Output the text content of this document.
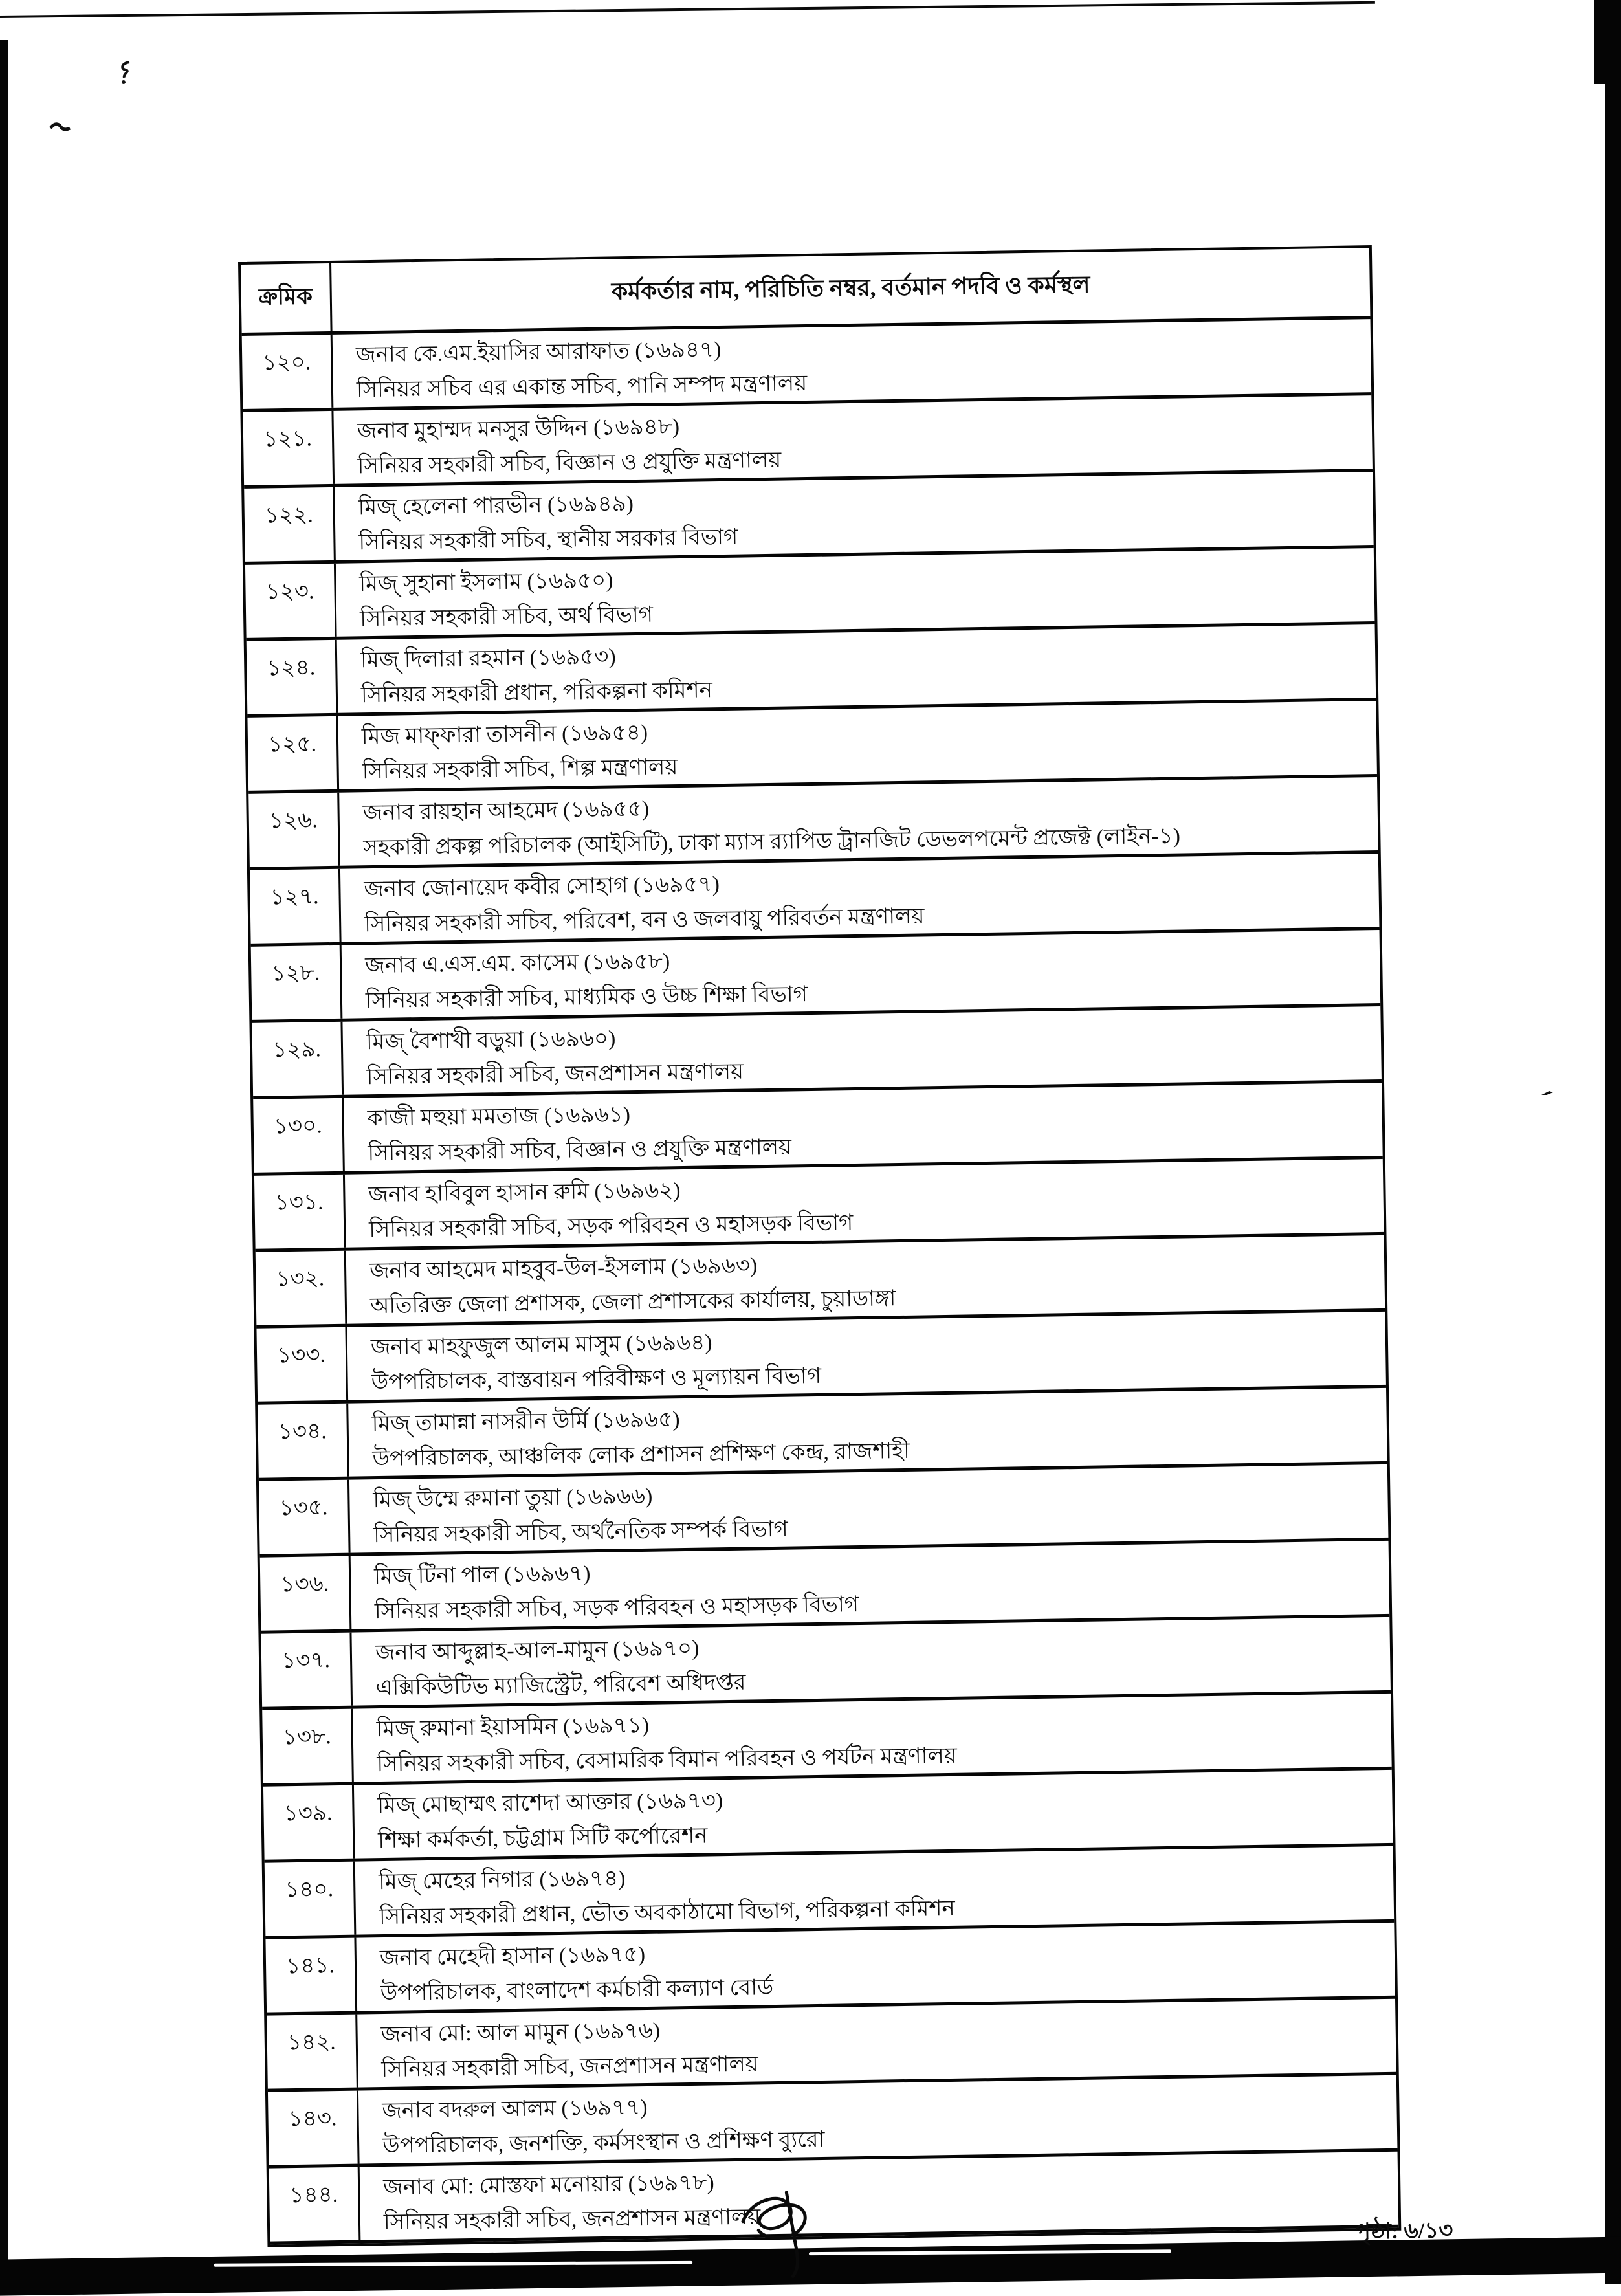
ক্রমিক	কর্মকর্তার নাম, পরিচিতি নম্বর, বর্তমান পদবি ও কর্মস্থল
১২০.	জনাব কে.এম.ইয়াসির আরাফাত (১৬৯৪৭)
সিনিয়র সচিব এর একান্ত সচিব, পানি সম্পদ মন্ত্রণালয়
১২১.	জনাব মুহাম্মদ মনসুর উদ্দিন (১৬৯৪৮)
সিনিয়র সহকারী সচিব, বিজ্ঞান ও প্রযুক্তি মন্ত্রণালয়
১২২.	মিজ্ হেলেনা পারভীন (১৬৯৪৯)
সিনিয়র সহকারী সচিব, স্থানীয় সরকার বিভাগ
১২৩.	মিজ্ সুহানা ইসলাম (১৬৯৫০)
সিনিয়র সহকারী সচিব, অর্থ বিভাগ
১২৪.	মিজ্ দিলারা রহমান (১৬৯৫৩)
সিনিয়র সহকারী প্রধান, পরিকল্পনা কমিশন
১২৫.	মিজ মাফ্‌ফারা তাসনীন (১৬৯৫৪)
সিনিয়র সহকারী সচিব, শিল্প মন্ত্রণালয়
১২৬.	জনাব রায়হান আহমেদ (১৬৯৫৫)
সহকারী প্রকল্প পরিচালক (আইসিটি), ঢাকা ম্যাস র‍্যাপিড ট্রানজিট ডেভলপমেন্ট প্রজেক্ট (লাইন-১)
১২৭.	জনাব জোনায়েদ কবীর সোহাগ (১৬৯৫৭)
সিনিয়র সহকারী সচিব, পরিবেশ, বন ও জলবায়ু পরিবর্তন মন্ত্রণালয়
১২৮.	জনাব এ.এস.এম. কাসেম (১৬৯৫৮)
সিনিয়র সহকারী সচিব, মাধ্যমিক ও উচ্চ শিক্ষা বিভাগ
১২৯.	মিজ্ বৈশাখী বড়ুয়া (১৬৯৬০)
সিনিয়র সহকারী সচিব, জনপ্রশাসন মন্ত্রণালয়
১৩০.	কাজী মহুয়া মমতাজ (১৬৯৬১)
সিনিয়র সহকারী সচিব, বিজ্ঞান ও প্রযুক্তি মন্ত্রণালয়
১৩১.	জনাব হাবিবুল হাসান রুমি (১৬৯৬২)
সিনিয়র সহকারী সচিব, সড়ক পরিবহন ও মহাসড়ক বিভাগ
১৩২.	জনাব আহমেদ মাহবুব-উল-ইসলাম (১৬৯৬৩)
অতিরিক্ত জেলা প্রশাসক, জেলা প্রশাসকের কার্যালয়, চুয়াডাঙ্গা
১৩৩.	জনাব মাহফুজুল আলম মাসুম (১৬৯৬৪)
উপপরিচালক, বাস্তবায়ন পরিবীক্ষণ ও মূল্যায়ন বিভাগ
১৩৪.	মিজ্ তামান্না নাসরীন উর্মি (১৬৯৬৫)
উপপরিচালক, আঞ্চলিক লোক প্রশাসন প্রশিক্ষণ কেন্দ্র, রাজশাহী
১৩৫.	মিজ্ উম্মে রুমানা তুয়া (১৬৯৬৬)
সিনিয়র সহকারী সচিব, অর্থনৈতিক সম্পর্ক বিভাগ
১৩৬.	মিজ্ টিনা পাল (১৬৯৬৭)
সিনিয়র সহকারী সচিব, সড়ক পরিবহন ও মহাসড়ক বিভাগ
১৩৭.	জনাব আব্দুল্লাহ-আল-মামুন (১৬৯৭০)
এক্সিকিউটিভ ম্যাজিস্ট্রেট, পরিবেশ অধিদপ্তর
১৩৮.	মিজ্ রুমানা ইয়াসমিন (১৬৯৭১)
সিনিয়র সহকারী সচিব, বেসামরিক বিমান পরিবহন ও পর্যটন মন্ত্রণালয়
১৩৯.	মিজ্ মোছাম্মৎ রাশেদা আক্তার (১৬৯৭৩)
শিক্ষা কর্মকর্তা, চট্টগ্রাম সিটি কর্পোরেশন
১৪০.	মিজ্ মেহের নিগার (১৬৯৭৪)
সিনিয়র সহকারী প্রধান, ভৌত অবকাঠামো বিভাগ, পরিকল্পনা কমিশন
১৪১.	জনাব মেহেদী হাসান (১৬৯৭৫)
উপপরিচালক, বাংলাদেশ কর্মচারী কল্যাণ বোর্ড
১৪২.	জনাব মো: আল মামুন (১৬৯৭৬)
সিনিয়র সহকারী সচিব, জনপ্রশাসন মন্ত্রণালয়
১৪৩.	জনাব বদরুল আলম (১৬৯৭৭)
উপপরিচালক, জনশক্তি, কর্মসংস্থান ও প্রশিক্ষণ ব্যুরো
১৪৪.	জনাব মো: মোস্তফা মনোয়ার (১৬৯৭৮)
সিনিয়র সহকারী সচিব, জনপ্রশাসন মন্ত্রণালয়	পৃষ্ঠা: ৬/১৩
